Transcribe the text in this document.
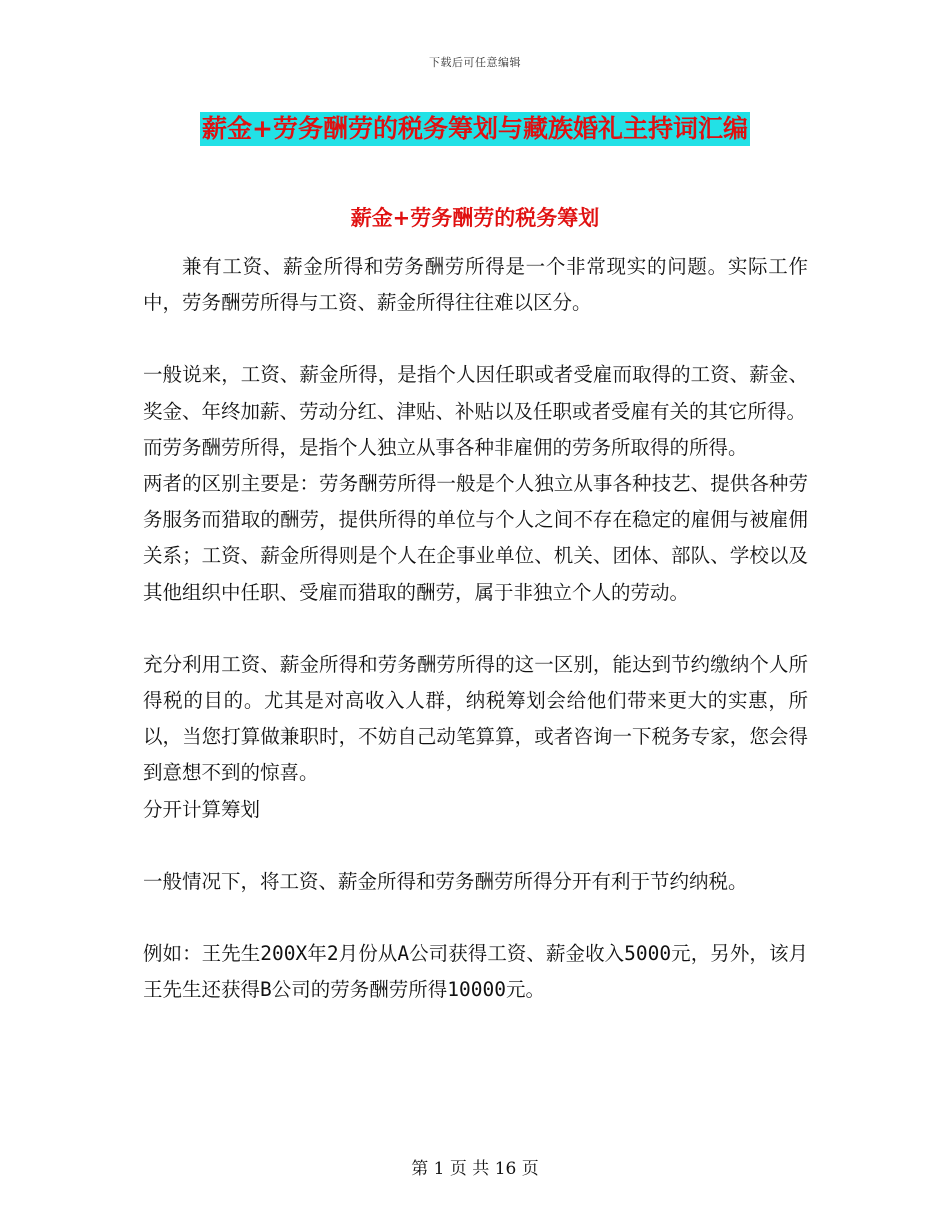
下载后可任意编辑
薪金+劳务酬劳的税务筹划与藏族婚礼主持词汇编
薪金+劳务酬劳的税务筹划

兼有工资、薪金所得和劳务酬劳所得是一个非常现实的问题。实际工作中，劳务酬劳所得与工资、薪金所得往往难以区分。

一般说来，工资、薪金所得，是指个人因任职或者受雇而取得的工资、薪金、奖金、年终加薪、劳动分红、津贴、补贴以及任职或者受雇有关的其它所得。

而劳务酬劳所得，是指个人独立从事各种非雇佣的劳务所取得的所得。

两者的区别主要是：劳务酬劳所得一般是个人独立从事各种技艺、提供各种劳务服务而猎取的酬劳，提供所得的单位与个人之间不存在稳定的雇佣与被雇佣关系；工资、薪金所得则是个人在企事业单位、机关、团体、部队、学校以及其他组织中任职、受雇而猎取的酬劳，属于非独立个人的劳动。

充分利用工资、薪金所得和劳务酬劳所得的这一区别，能达到节约缴纳个人所得税的目的。尤其是对高收入人群，纳税筹划会给他们带来更大的实惠，所以，当您打算做兼职时，不妨自己动笔算算，或者咨询一下税务专家，您会得到意想不到的惊喜。

分开计算筹划

一般情况下，将工资、薪金所得和劳务酬劳所得分开有利于节约纳税。

例如：王先生200X年2月份从A公司获得工资、薪金收入5000元，另外，该月王先生还获得B公司的劳务酬劳所得10000元。

第 1 页 共 16 页
